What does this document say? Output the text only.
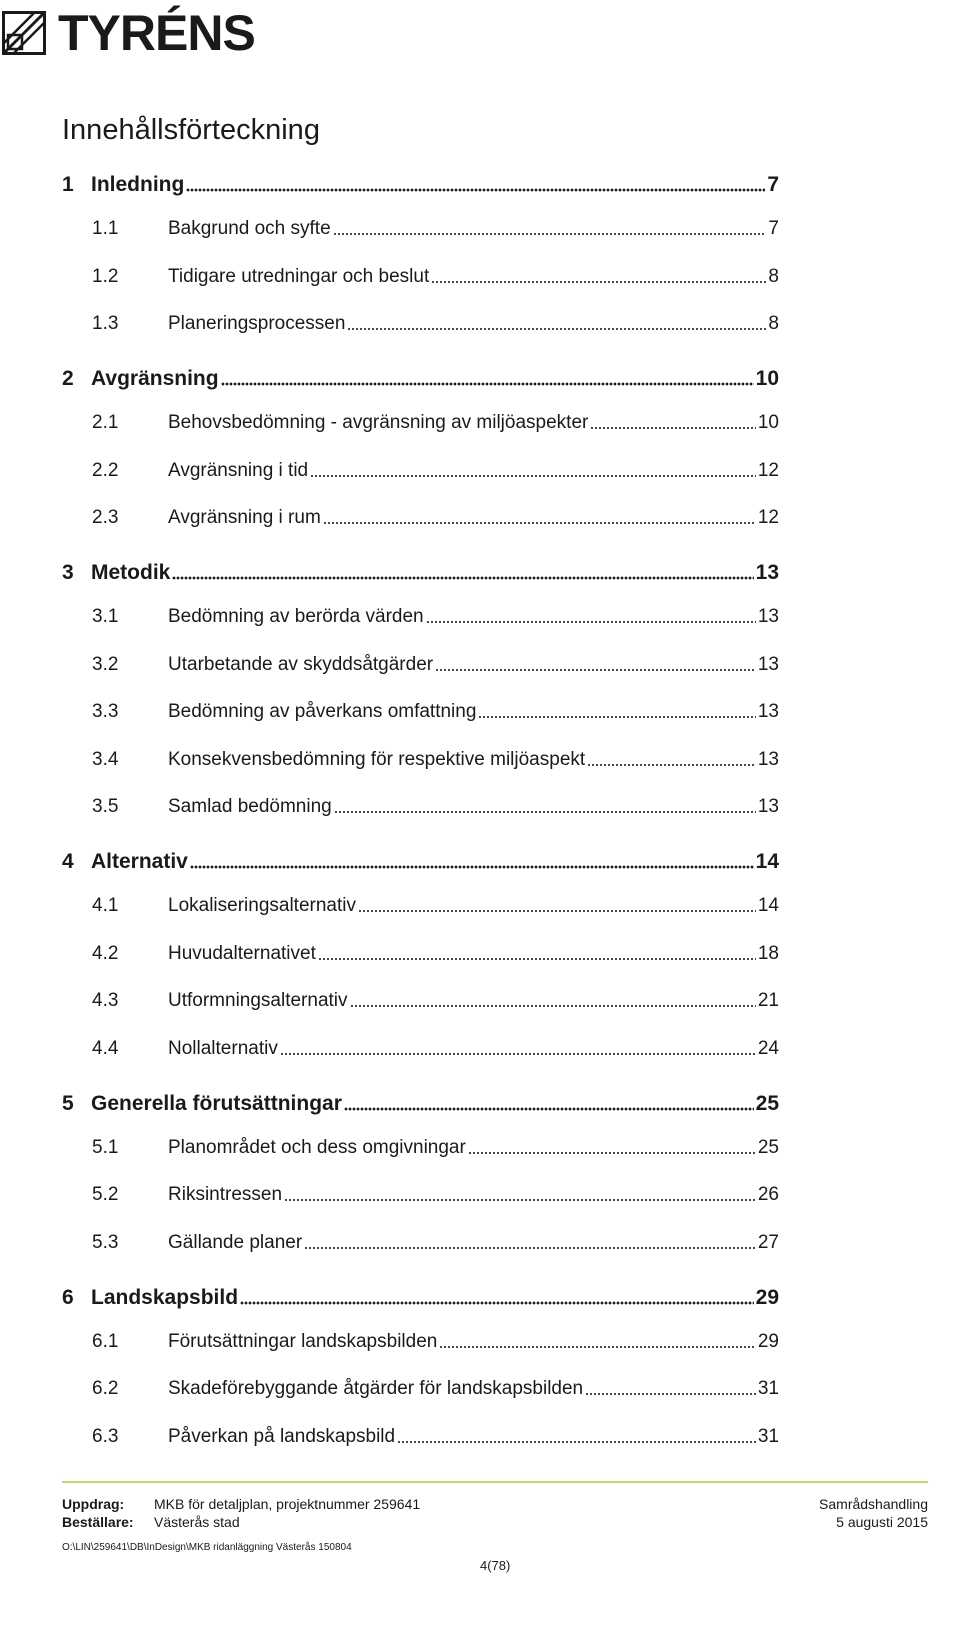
TYRÉNS
Innehållsförteckning
1 Inledning	7
1.1	Bakgrund och syfte	7
1.2	Tidigare utredningar och beslut	8
1.3	Planeringsprocessen	8
2 Avgränsning	10
2.1	Behovsbedömning - avgränsning av miljöaspekter	10
2.2	Avgränsning i tid	12
2.3	Avgränsning i rum	12
3 Metodik	13
3.1	Bedömning av berörda värden	13
3.2	Utarbetande av skyddsåtgärder	13
3.3	Bedömning av påverkans omfattning	13
3.4	Konsekvensbedömning för respektive miljöaspekt	13
3.5	Samlad bedömning	13
4 Alternativ	14
4.1	Lokaliseringsalternativ	14
4.2	Huvudalternativet	18
4.3	Utformningsalternativ	21
4.4	Nollalternativ	24
5 Generella förutsättningar	25
5.1	Planområdet och dess omgivningar	25
5.2	Riksintressen	26
5.3	Gällande planer	27
6 Landskapsbild	29
6.1	Förutsättningar landskapsbilden	29
6.2	Skadeförebyggande åtgärder för landskapsbilden	31
6.3	Påverkan på landskapsbild	31
Uppdrag: MKB för detaljplan, projektnummer 259641
Beställare: Västerås stad
Samrådshandling
5 augusti 2015
O:\LIN\259641\DB\InDesign\MKB ridanläggning Västerås 150804
4(78)
